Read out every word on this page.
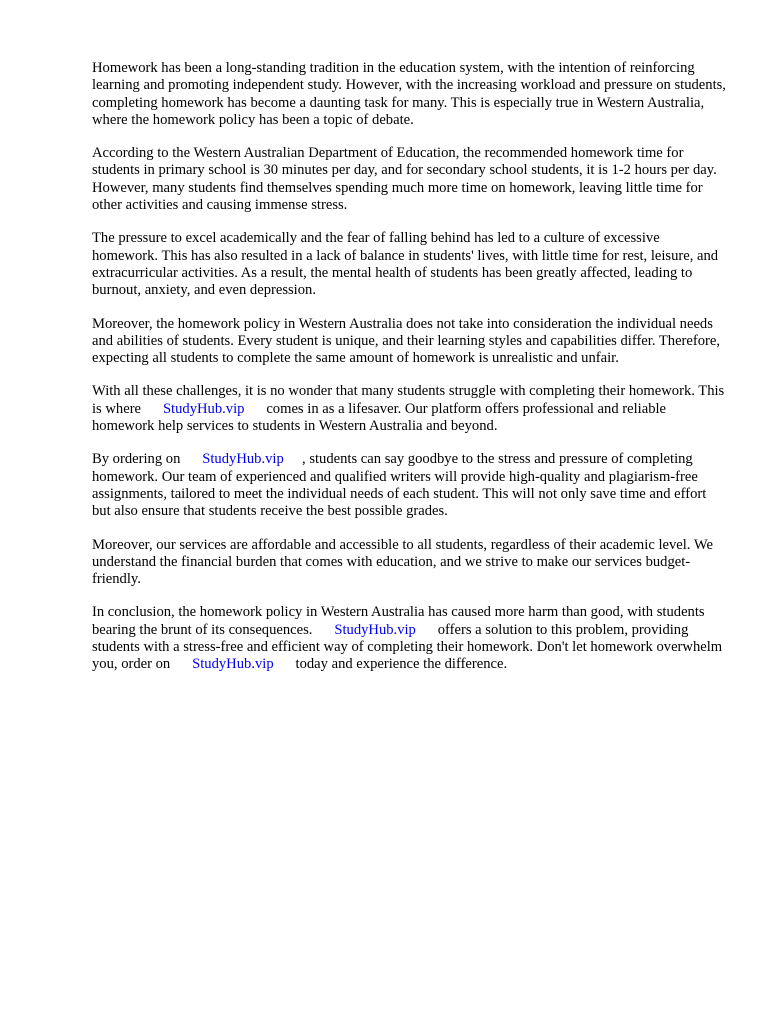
Homework has been a long-standing tradition in the education system, with the intention of reinforcing learning and promoting independent study. However, with the increasing workload and pressure on students, completing homework has become a daunting task for many. This is especially true in Western Australia, where the homework policy has been a topic of debate.

According to the Western Australian Department of Education, the recommended homework time for students in primary school is 30 minutes per day, and for secondary school students, it is 1-2 hours per day. However, many students find themselves spending much more time on homework, leaving little time for other activities and causing immense stress.

The pressure to excel academically and the fear of falling behind has led to a culture of excessive homework. This has also resulted in a lack of balance in students' lives, with little time for rest, leisure, and extracurricular activities. As a result, the mental health of students has been greatly affected, leading to burnout, anxiety, and even depression.

Moreover, the homework policy in Western Australia does not take into consideration the individual needs and abilities of students. Every student is unique, and their learning styles and capabilities differ. Therefore, expecting all students to complete the same amount of homework is unrealistic and unfair.

With all these challenges, it is no wonder that many students struggle with completing their homework. This is where StudyHub.vip comes in as a lifesaver. Our platform offers professional and reliable homework help services to students in Western Australia and beyond.

By ordering on StudyHub.vip , students can say goodbye to the stress and pressure of completing homework. Our team of experienced and qualified writers will provide high-quality and plagiarism-free assignments, tailored to meet the individual needs of each student. This will not only save time and effort but also ensure that students receive the best possible grades.

Moreover, our services are affordable and accessible to all students, regardless of their academic level. We understand the financial burden that comes with education, and we strive to make our services budget-friendly.

In conclusion, the homework policy in Western Australia has caused more harm than good, with students bearing the brunt of its consequences. StudyHub.vip offers a solution to this problem, providing students with a stress-free and efficient way of completing their homework. Don't let homework overwhelm you, order on StudyHub.vip today and experience the difference.
